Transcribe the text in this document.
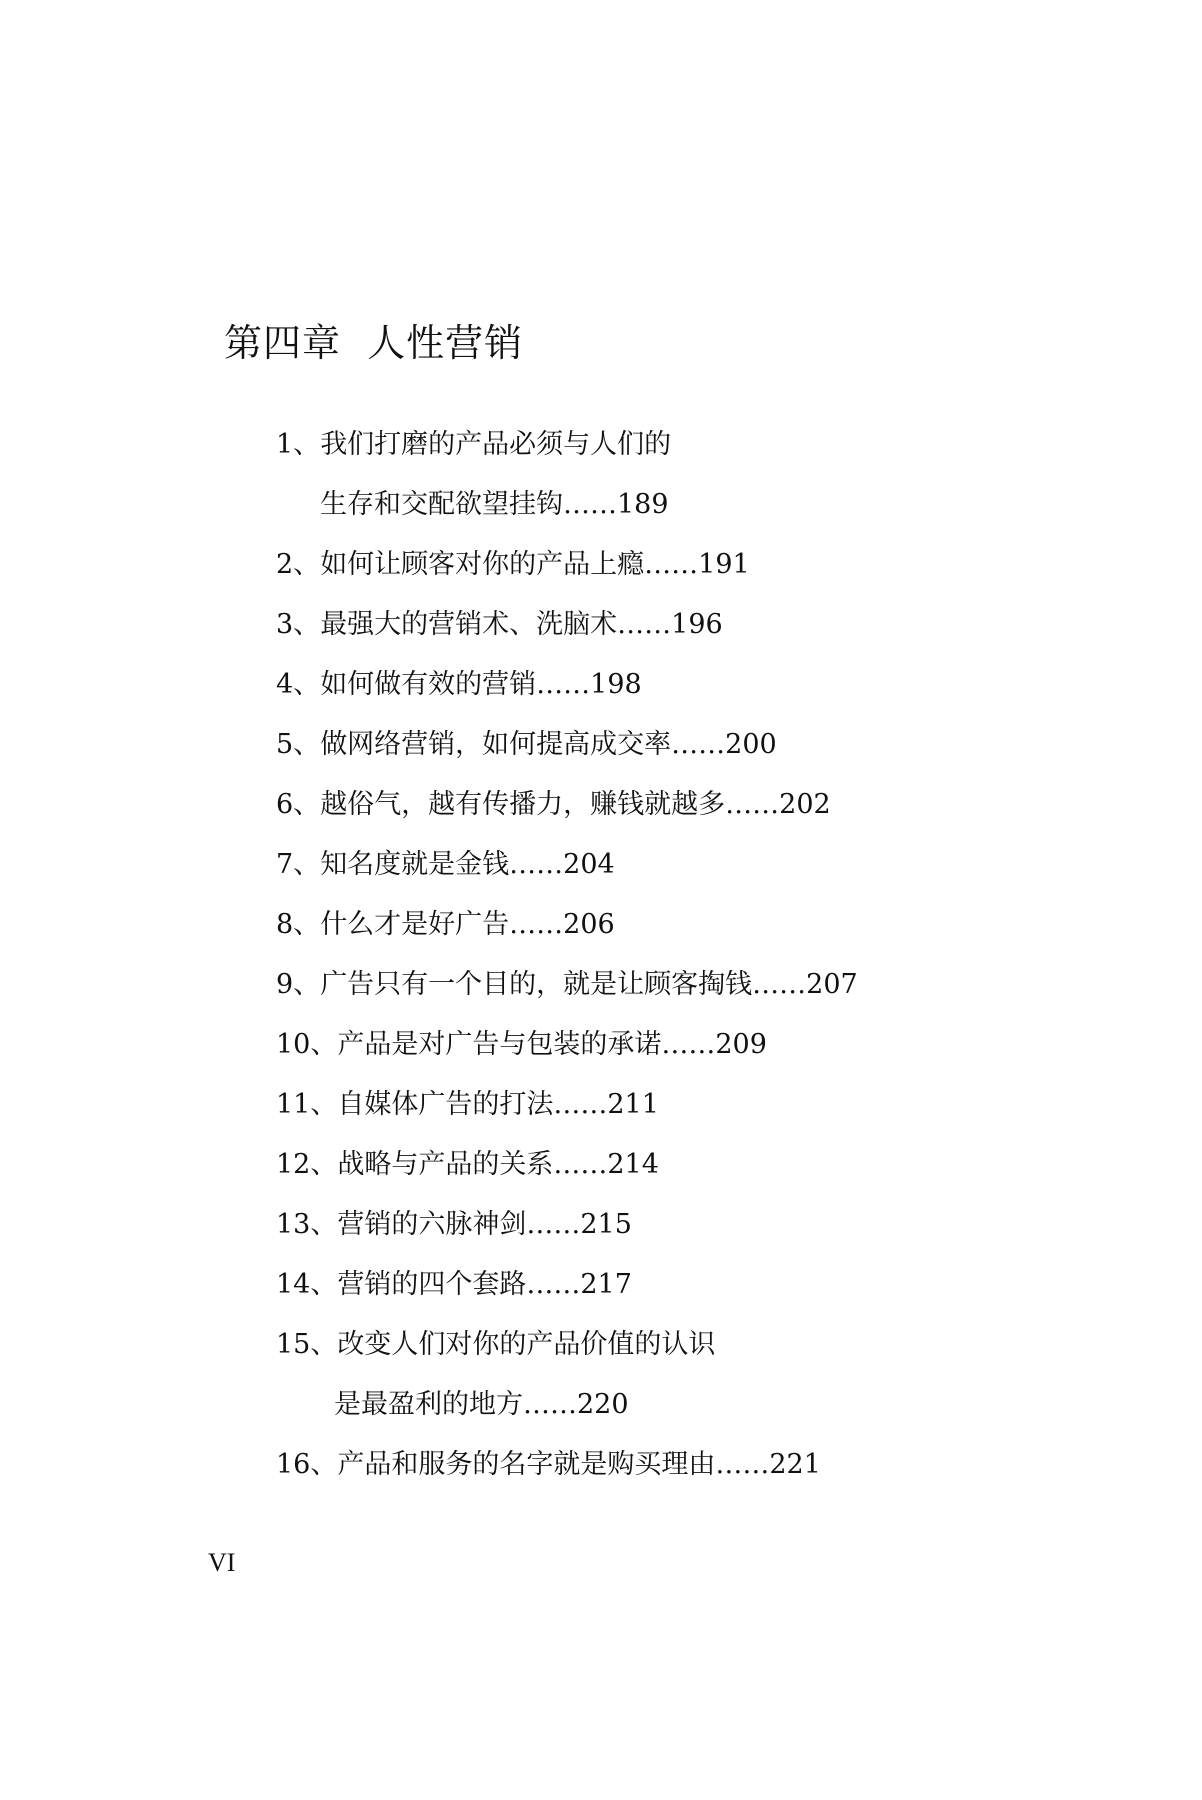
第四章  人性营销
1、我们打磨的产品必须与人们的
生存和交配欲望挂钩……189
2、如何让顾客对你的产品上瘾……191
3、最强大的营销术、洗脑术……196
4、如何做有效的营销……198
5、做网络营销，如何提高成交率……200
6、越俗气，越有传播力，赚钱就越多……202
7、知名度就是金钱……204
8、什么才是好广告……206
9、广告只有一个目的，就是让顾客掏钱……207
10、产品是对广告与包装的承诺……209
11、自媒体广告的打法……211
12、战略与产品的关系……214
13、营销的六脉神剑……215
14、营销的四个套路……217
15、改变人们对你的产品价值的认识
是最盈利的地方……220
16、产品和服务的名字就是购买理由……221
VI
